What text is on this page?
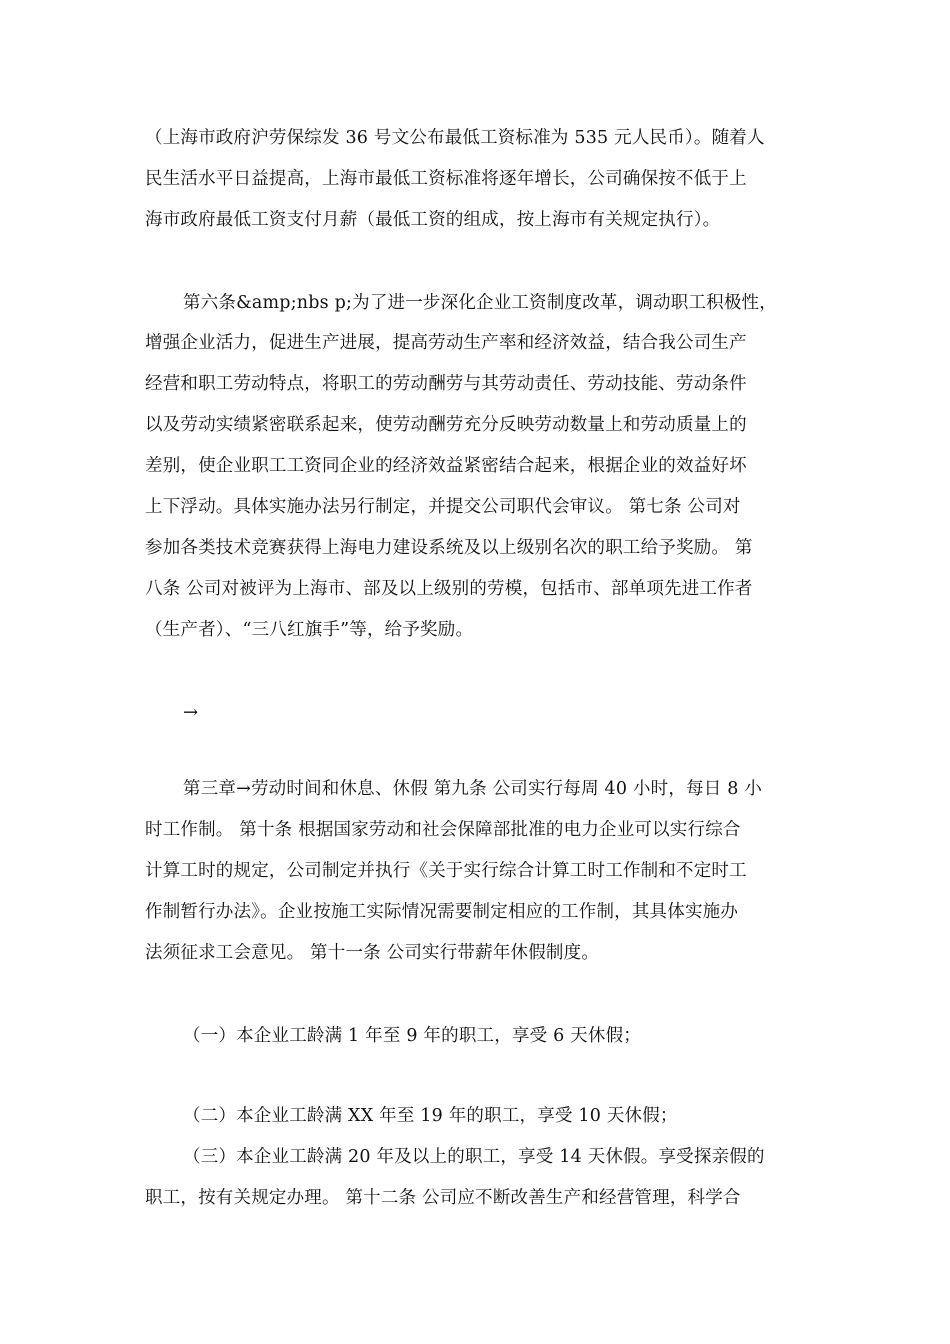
（上海市政府沪劳保综发 36 号文公布最低工资标准为 535 元人民币）。随着人
民生活水平日益提高，上海市最低工资标准将逐年增长，公司确保按不低于上
海市政府最低工资支付月薪（最低工资的组成，按上海市有关规定执行）。
第六条&amp;nbs p;为了进一步深化企业工资制度改革，调动职工积极性，
增强企业活力，促进生产进展，提高劳动生产率和经济效益，结合我公司生产
经营和职工劳动特点，将职工的劳动酬劳与其劳动责任、劳动技能、劳动条件
以及劳动实绩紧密联系起来，使劳动酬劳充分反映劳动数量上和劳动质量上的
差别，使企业职工工资同企业的经济效益紧密结合起来，根据企业的效益好坏
上下浮动。具体实施办法另行制定，并提交公司职代会审议。 第七条 公司对
参加各类技术竞赛获得上海电力建设系统及以上级别名次的职工给予奖励。 第
八条 公司对被评为上海市、部及以上级别的劳模，包括市、部单项先进工作者
（生产者）、“三八红旗手”等，给予奖励。
→
第三章→劳动时间和休息、休假 第九条 公司实行每周 40 小时，每日 8 小
时工作制。 第十条 根据国家劳动和社会保障部批准的电力企业可以实行综合
计算工时的规定，公司制定并执行《关于实行综合计算工时工作制和不定时工
作制暂行办法》。企业按施工实际情况需要制定相应的工作制，其具体实施办
法须征求工会意见。 第十一条 公司实行带薪年休假制度。
（一）本企业工龄满 1 年至 9 年的职工，享受 6 天休假；
（二）本企业工龄满 XX 年至 19 年的职工，享受 10 天休假；
（三）本企业工龄满 20 年及以上的职工，享受 14 天休假。享受探亲假的
职工，按有关规定办理。 第十二条 公司应不断改善生产和经营管理，科学合
